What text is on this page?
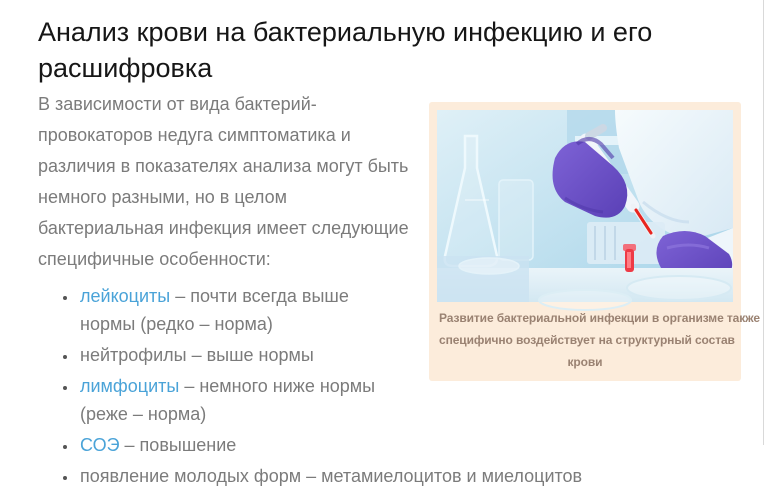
Анализ крови на бактериальную инфекцию и его расшифровка
Развитие бактериальной инфекции в организме также
специфично воздействует на структурный состав
крови

В зависимости от вида бактерий-провокаторов недуга симптоматика и различия в показателях анализа могут быть немного разными, но в целом бактериальная инфекция имеет следующие специфичные особенности:

• лейкоциты – почти всегда выше нормы (редко – норма)
• нейтрофилы – выше нормы
• лимфоциты – немного ниже нормы (реже – норма)
• СОЭ – повышение
• появление молодых форм – метамиелоцитов и миелоцитов
